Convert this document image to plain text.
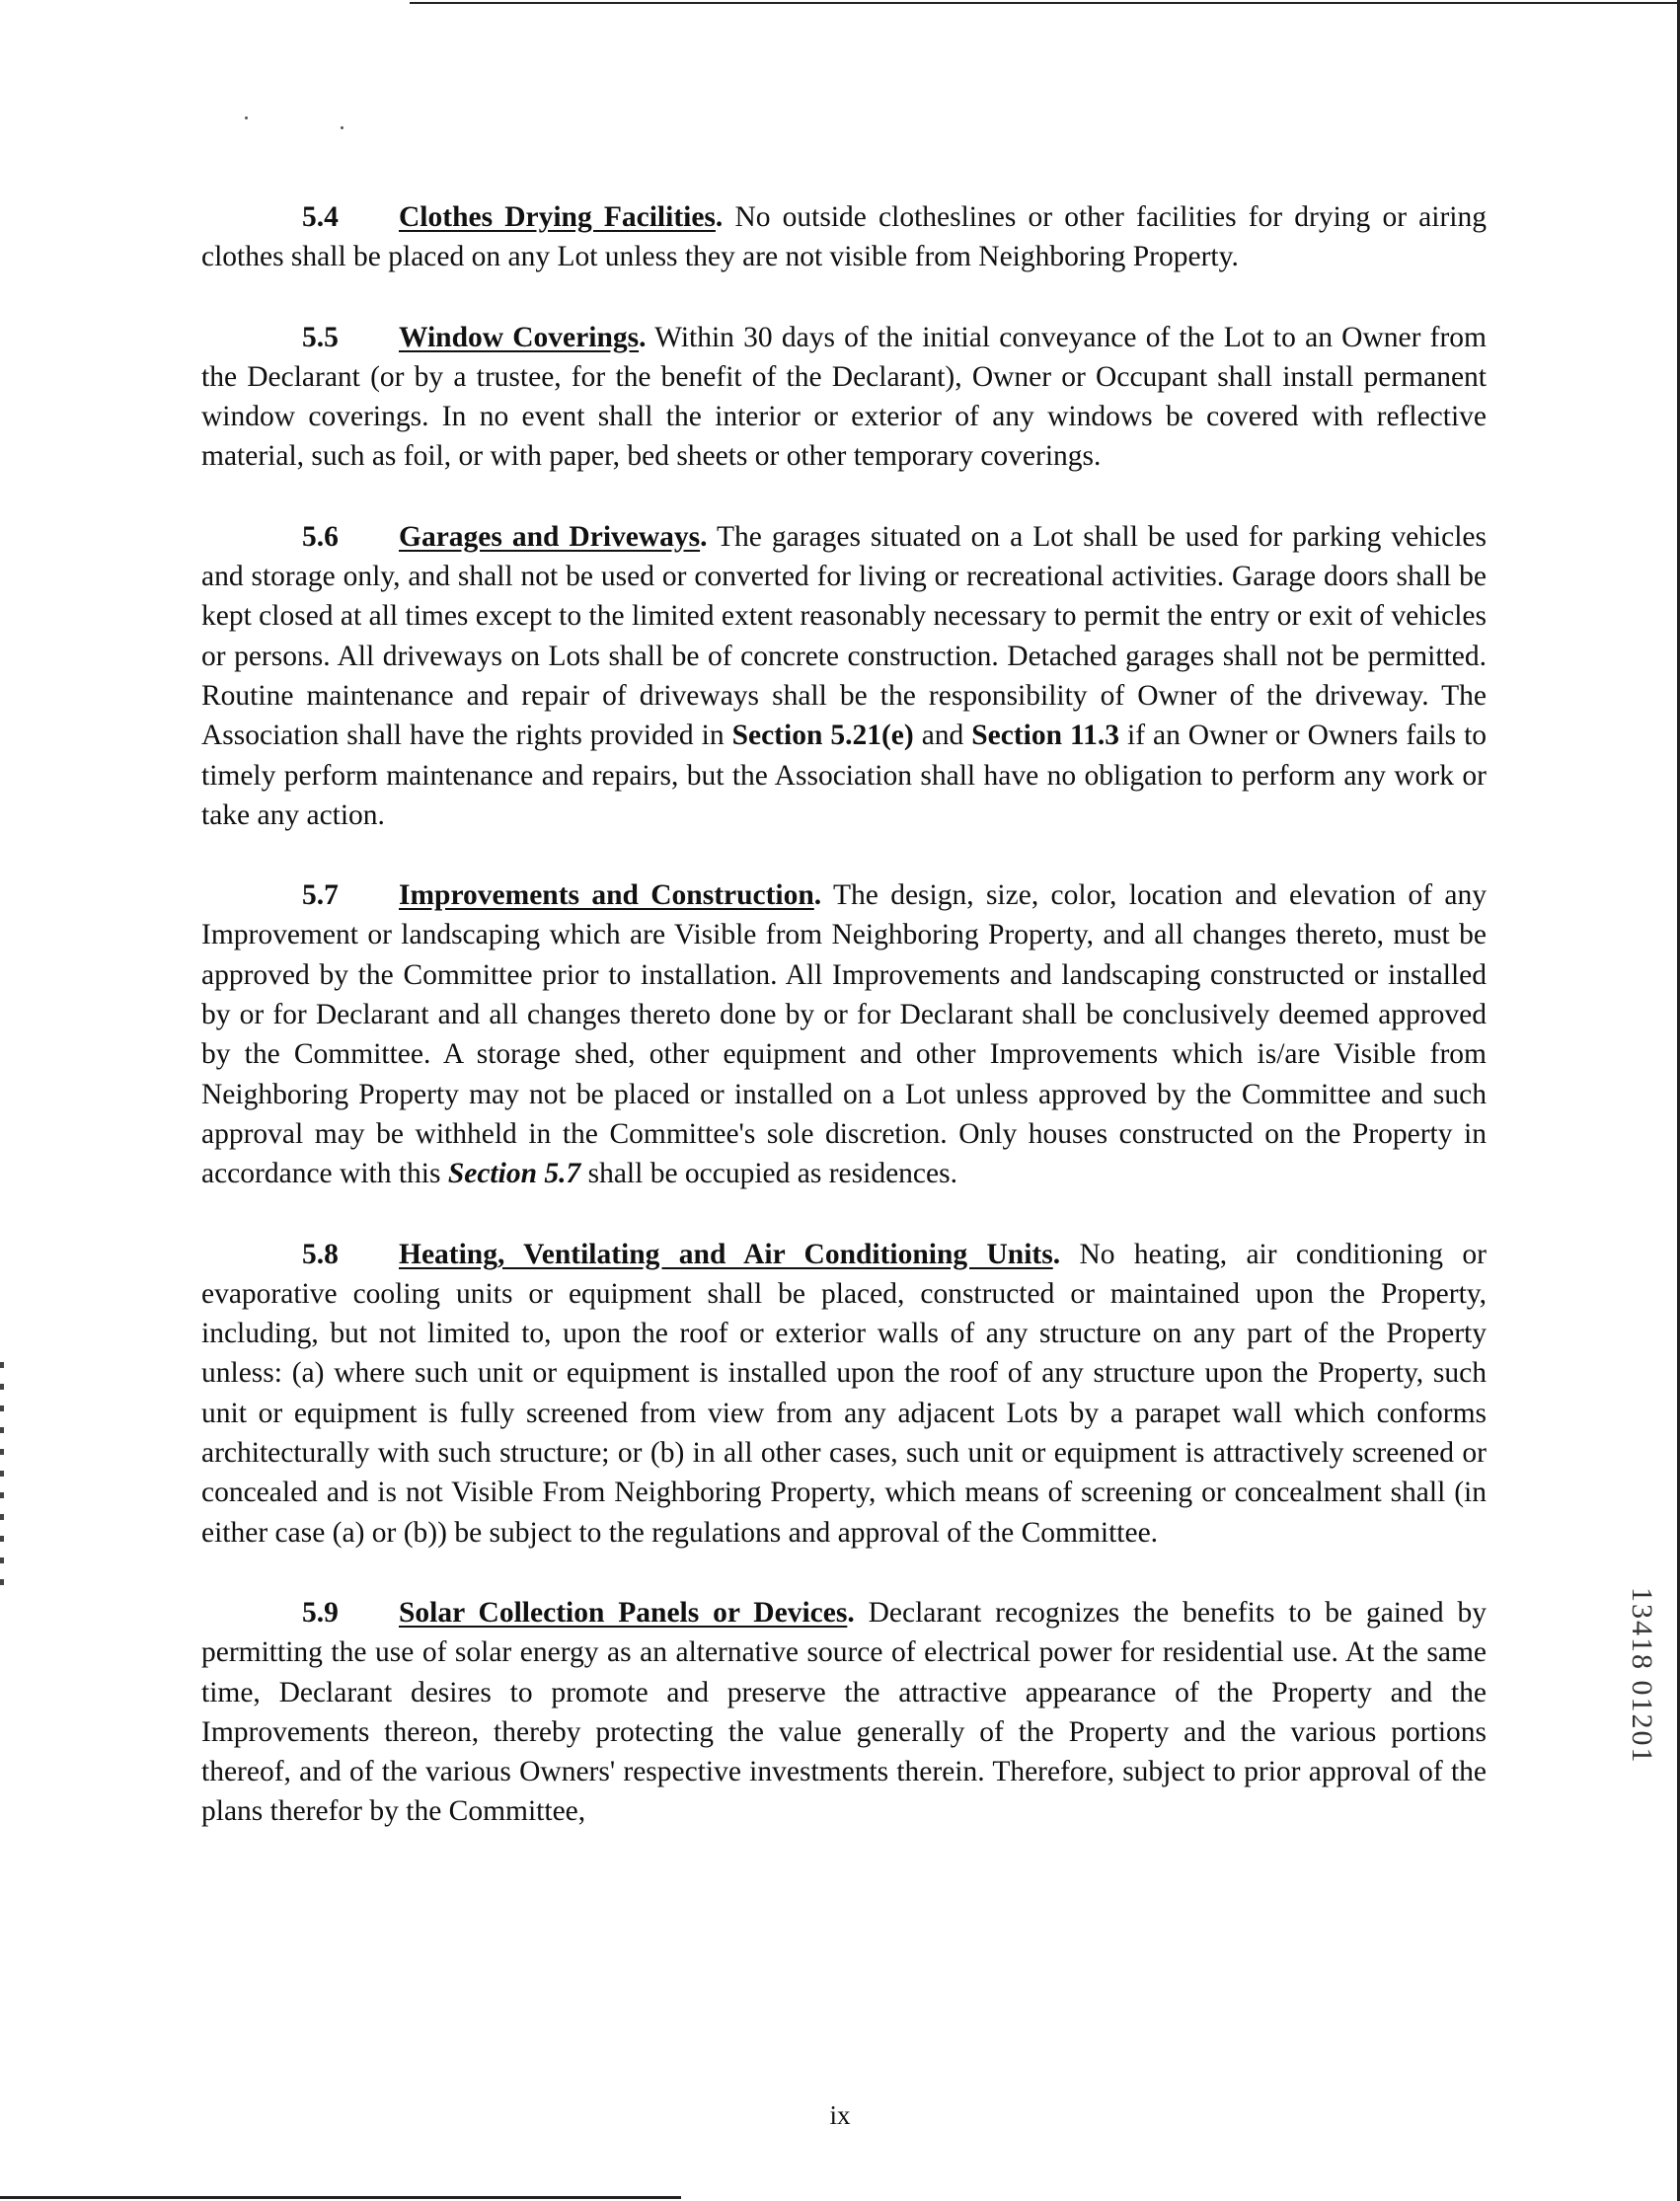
5.4 Clothes Drying Facilities. No outside clotheslines or other facilities for drying or airing clothes shall be placed on any Lot unless they are not visible from Neighboring Property.

5.5 Window Coverings. Within 30 days of the initial conveyance of the Lot to an Owner from the Declarant (or by a trustee, for the benefit of the Declarant), Owner or Occupant shall install permanent window coverings. In no event shall the interior or exterior of any windows be covered with reflective material, such as foil, or with paper, bed sheets or other temporary coverings.

5.6 Garages and Driveways. The garages situated on a Lot shall be used for parking vehicles and storage only, and shall not be used or converted for living or recreational activities. Garage doors shall be kept closed at all times except to the limited extent reasonably necessary to permit the entry or exit of vehicles or persons. All driveways on Lots shall be of concrete construction. Detached garages shall not be permitted. Routine maintenance and repair of driveways shall be the responsibility of Owner of the driveway. The Association shall have the rights provided in Section 5.21(e) and Section 11.3 if an Owner or Owners fails to timely perform maintenance and repairs, but the Association shall have no obligation to perform any work or take any action.

5.7 Improvements and Construction. The design, size, color, location and elevation of any Improvement or landscaping which are Visible from Neighboring Property, and all changes thereto, must be approved by the Committee prior to installation. All Improvements and landscaping constructed or installed by or for Declarant and all changes thereto done by or for Declarant shall be conclusively deemed approved by the Committee. A storage shed, other equipment and other Improvements which is/are Visible from Neighboring Property may not be placed or installed on a Lot unless approved by the Committee and such approval may be withheld in the Committee's sole discretion. Only houses constructed on the Property in accordance with this Section 5.7 shall be occupied as residences.

5.8 Heating, Ventilating and Air Conditioning Units. No heating, air conditioning or evaporative cooling units or equipment shall be placed, constructed or maintained upon the Property, including, but not limited to, upon the roof or exterior walls of any structure on any part of the Property unless: (a) where such unit or equipment is installed upon the roof of any structure upon the Property, such unit or equipment is fully screened from view from any adjacent Lots by a parapet wall which conforms architecturally with such structure; or (b) in all other cases, such unit or equipment is attractively screened or concealed and is not Visible From Neighboring Property, which means of screening or concealment shall (in either case (a) or (b)) be subject to the regulations and approval of the Committee.

5.9 Solar Collection Panels or Devices. Declarant recognizes the benefits to be gained by permitting the use of solar energy as an alternative source of electrical power for residential use. At the same time, Declarant desires to promote and preserve the attractive appearance of the Property and the Improvements thereon, thereby protecting the value generally of the Property and the various portions thereof, and of the various Owners' respective investments therein. Therefore, subject to prior approval of the plans therefor by the Committee,

13418 01201
ix
